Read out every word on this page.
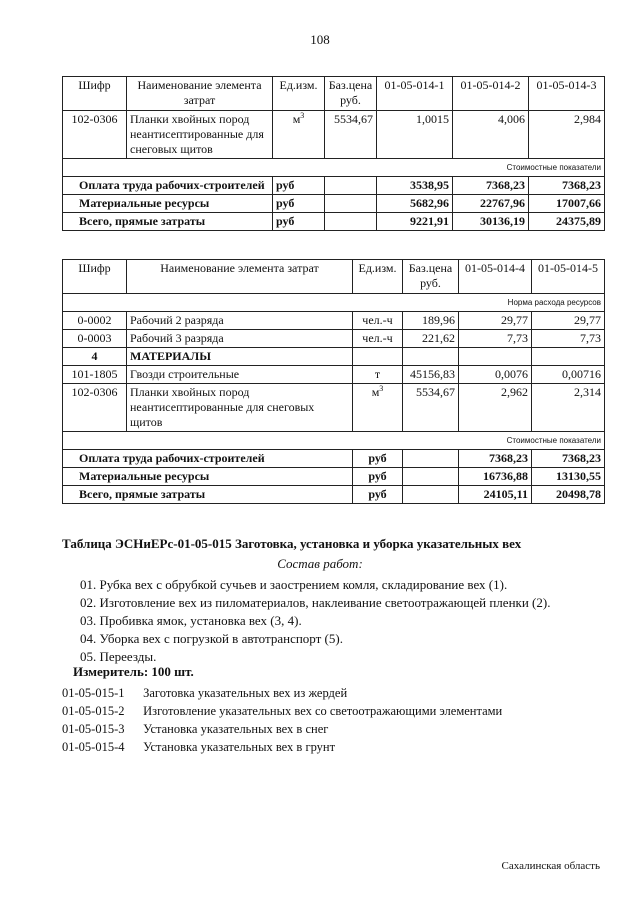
108
Шифр	Наименование элемента затрат	Ед.изм.	Баз.цена руб.	01-05-014-1	01-05-014-2	01-05-014-3
102-0306	Планки хвойных пород неантисептированные для снеговых щитов	$м^3$	5534,67	1,0015	4,006	2,984
Стоимостные показатели						
Оплата труда рабочих-строителей		руб		3538,95	7368,23	7368,23
Материальные ресурсы		руб		5682,96	22767,96	17007,66
Всего, прямые затраты		руб		9221,91	30136,19	24375,89
Шифр	Наименование элемента затрат	Ед.изм.	Баз.цена руб.	01-05-014-4	01-05-014-5
Норма расхода ресурсов					
0-0002	Рабочий 2 разряда	чел.-ч	189,96	29,77	29,77
0-0003	Рабочий 3 разряда	чел.-ч	221,62	7,73	7,73
4	МАТЕРИАЛЫ				
101-1805	Гвозди строительные	т	45156,83	0,0076	0,00716
102-0306	Планки хвойных пород неантисептированные для снеговых щитов	$м^3$	5534,67	2,962	2,314
Стоимостные показатели					
Оплата труда рабочих-строителей		руб		7368,23	7368,23
Материальные ресурсы		руб		16736,88	13130,55
Всего, прямые затраты		руб		24105,11	20498,78
Таблица ЭСНиЕРс-01-05-015 Заготовка, установка и уборка указательных вех
Состав работ:
01. Рубка вех с обрубкой сучьев и заострением комля, складирование вех (1).
02. Изготовление вех из пиломатериалов, наклеивание светоотражающей пленки (2).
03. Пробивка ямок, установка вех (3, 4).
04. Уборка вех с погрузкой в автотранспорт (5).
05. Переезды.
Измеритель: 100 шт.
01-05-015-1 Заготовка указательных вех из жердей
01-05-015-2 Изготовление указательных вех со светоотражающими элементами
01-05-015-3 Установка указательных вех в снег
01-05-015-4 Установка указательных вех в грунт
Сахалинская область
